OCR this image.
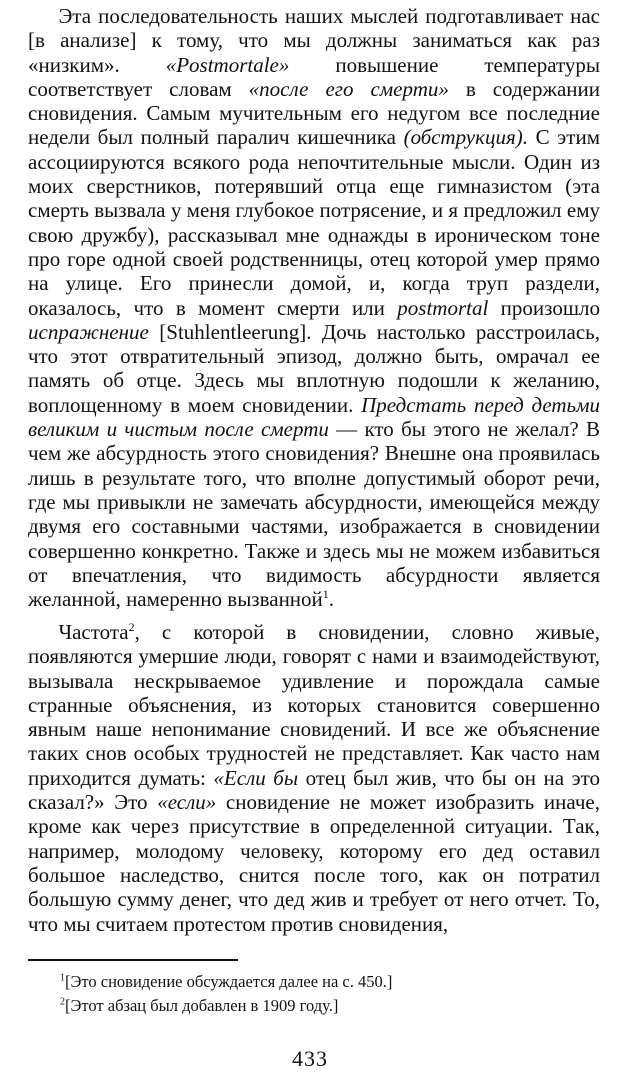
Эта последовательность наших мыслей подготавливает нас [в анализе] к тому, что мы должны заниматься как раз «низким». «Postmortale» повышение температуры соответствует словам «после его смерти» в содержании сновидения. Самым мучительным его недугом все последние недели был полный паралич кишечника (обструкция). С этим ассоциируются всякого рода непочтительные мысли. Один из моих сверстников, потерявший отца еще гимназистом (эта смерть вызвала у меня глубокое потрясение, и я предложил ему свою дружбу), рассказывал мне однажды в ироническом тоне про горе одной своей родственницы, отец которой умер прямо на улице. Его принесли домой, и, когда труп раздели, оказалось, что в момент смерти или postmortal произошло испражнение [Stuhlentleerung]. Дочь настолько расстроилась, что этот отвратительный эпизод, должно быть, омрачал ее память об отце. Здесь мы вплотную подошли к желанию, воплощенному в моем сновидении. Предстать перед детьми великим и чистым после смерти — кто бы этого не желал? В чем же абсурдность этого сновидения? Внешне она проявилась лишь в результате того, что вполне допустимый оборот речи, где мы привыкли не замечать абсурдности, имеющейся между двумя его составными частями, изображается в сновидении совершенно конкретно. Также и здесь мы не можем избавиться от впечатления, что видимость абсурдности является желанной, намеренно вызванной$^1$.

Частота$^2$, с которой в сновидении, словно живые, появляются умершие люди, говорят с нами и взаимодействуют, вызывала нескрываемое удивление и порождала самые странные объяснения, из которых становится совершенно явным наше непонимание сновидений. И все же объяснение таких снов особых трудностей не представляет. Как часто нам приходится думать: «Если бы отец был жив, что бы он на это сказал?» Это «если» сновидение не может изобразить иначе, кроме как через присутствие в определенной ситуации. Так, например, молодому человеку, которому его дед оставил большое наследство, снится после того, как он потратил большую сумму денег, что дед жив и требует от него отчет. То, что мы считаем протестом против сновидения,

$^1$[Это сновидение обсуждается далее на с. 450.]

$^2$[Этот абзац был добавлен в 1909 году.]

433
